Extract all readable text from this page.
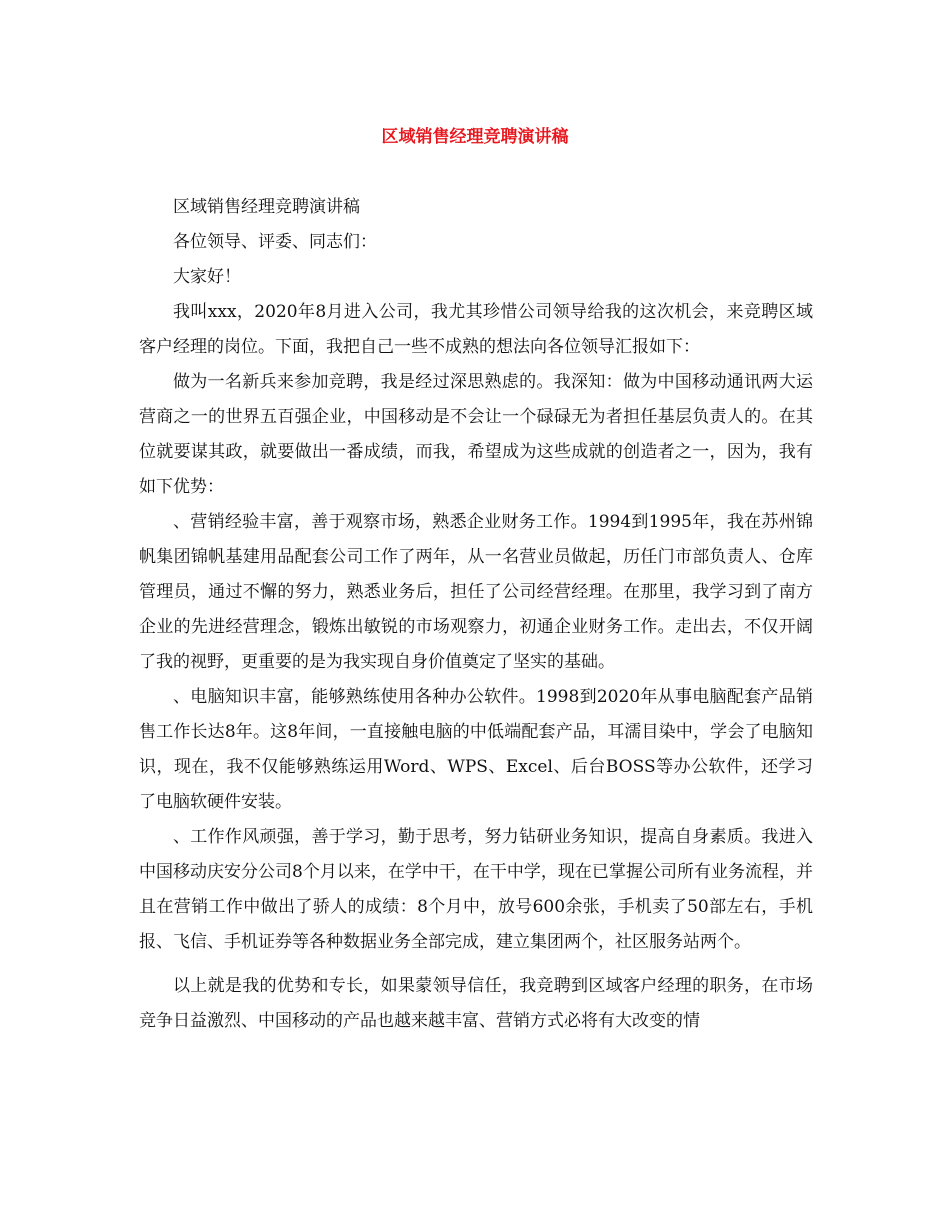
区域销售经理竞聘演讲稿

区域销售经理竞聘演讲稿

各位领导、评委、同志们：

大家好！

我叫xxx，2020年8月进入公司，我尤其珍惜公司领导给我的这次机会，来竞聘区域客户经理的岗位。下面，我把自己一些不成熟的想法向各位领导汇报如下：

做为一名新兵来参加竞聘，我是经过深思熟虑的。我深知：做为中国移动通讯两大运营商之一的世界五百强企业，中国移动是不会让一个碌碌无为者担任基层负责人的。在其位就要谋其政，就要做出一番成绩，而我，希望成为这些成就的创造者之一，因为，我有如下优势：

、营销经验丰富，善于观察市场，熟悉企业财务工作。1994到1995年，我在苏州锦帆集团锦帆基建用品配套公司工作了两年，从一名营业员做起，历任门市部负责人、仓库管理员，通过不懈的努力，熟悉业务后，担任了公司经营经理。在那里，我学习到了南方企业的先进经营理念，锻炼出敏锐的市场观察力，初通企业财务工作。走出去，不仅开阔了我的视野，更重要的是为我实现自身价值奠定了坚实的基础。

、电脑知识丰富，能够熟练使用各种办公软件。1998到2020年从事电脑配套产品销售工作长达8年。这8年间，一直接触电脑的中低端配套产品，耳濡目染中，学会了电脑知识，现在，我不仅能够熟练运用Word、WPS、Excel、后台BOSS等办公软件，还学习了电脑软硬件安装。

、工作作风顽强，善于学习，勤于思考，努力钻研业务知识，提高自身素质。我进入中国移动庆安分公司8个月以来，在学中干，在干中学，现在已掌握公司所有业务流程，并且在营销工作中做出了骄人的成绩：8个月中，放号600余张，手机卖了50部左右，手机报、飞信、手机证券等各种数据业务全部完成，建立集团两个，社区服务站两个。

以上就是我的优势和专长，如果蒙领导信任，我竞聘到区域客户经理的职务，在市场竞争日益激烈、中国移动的产品也越来越丰富、营销方式必将有大改变的情
